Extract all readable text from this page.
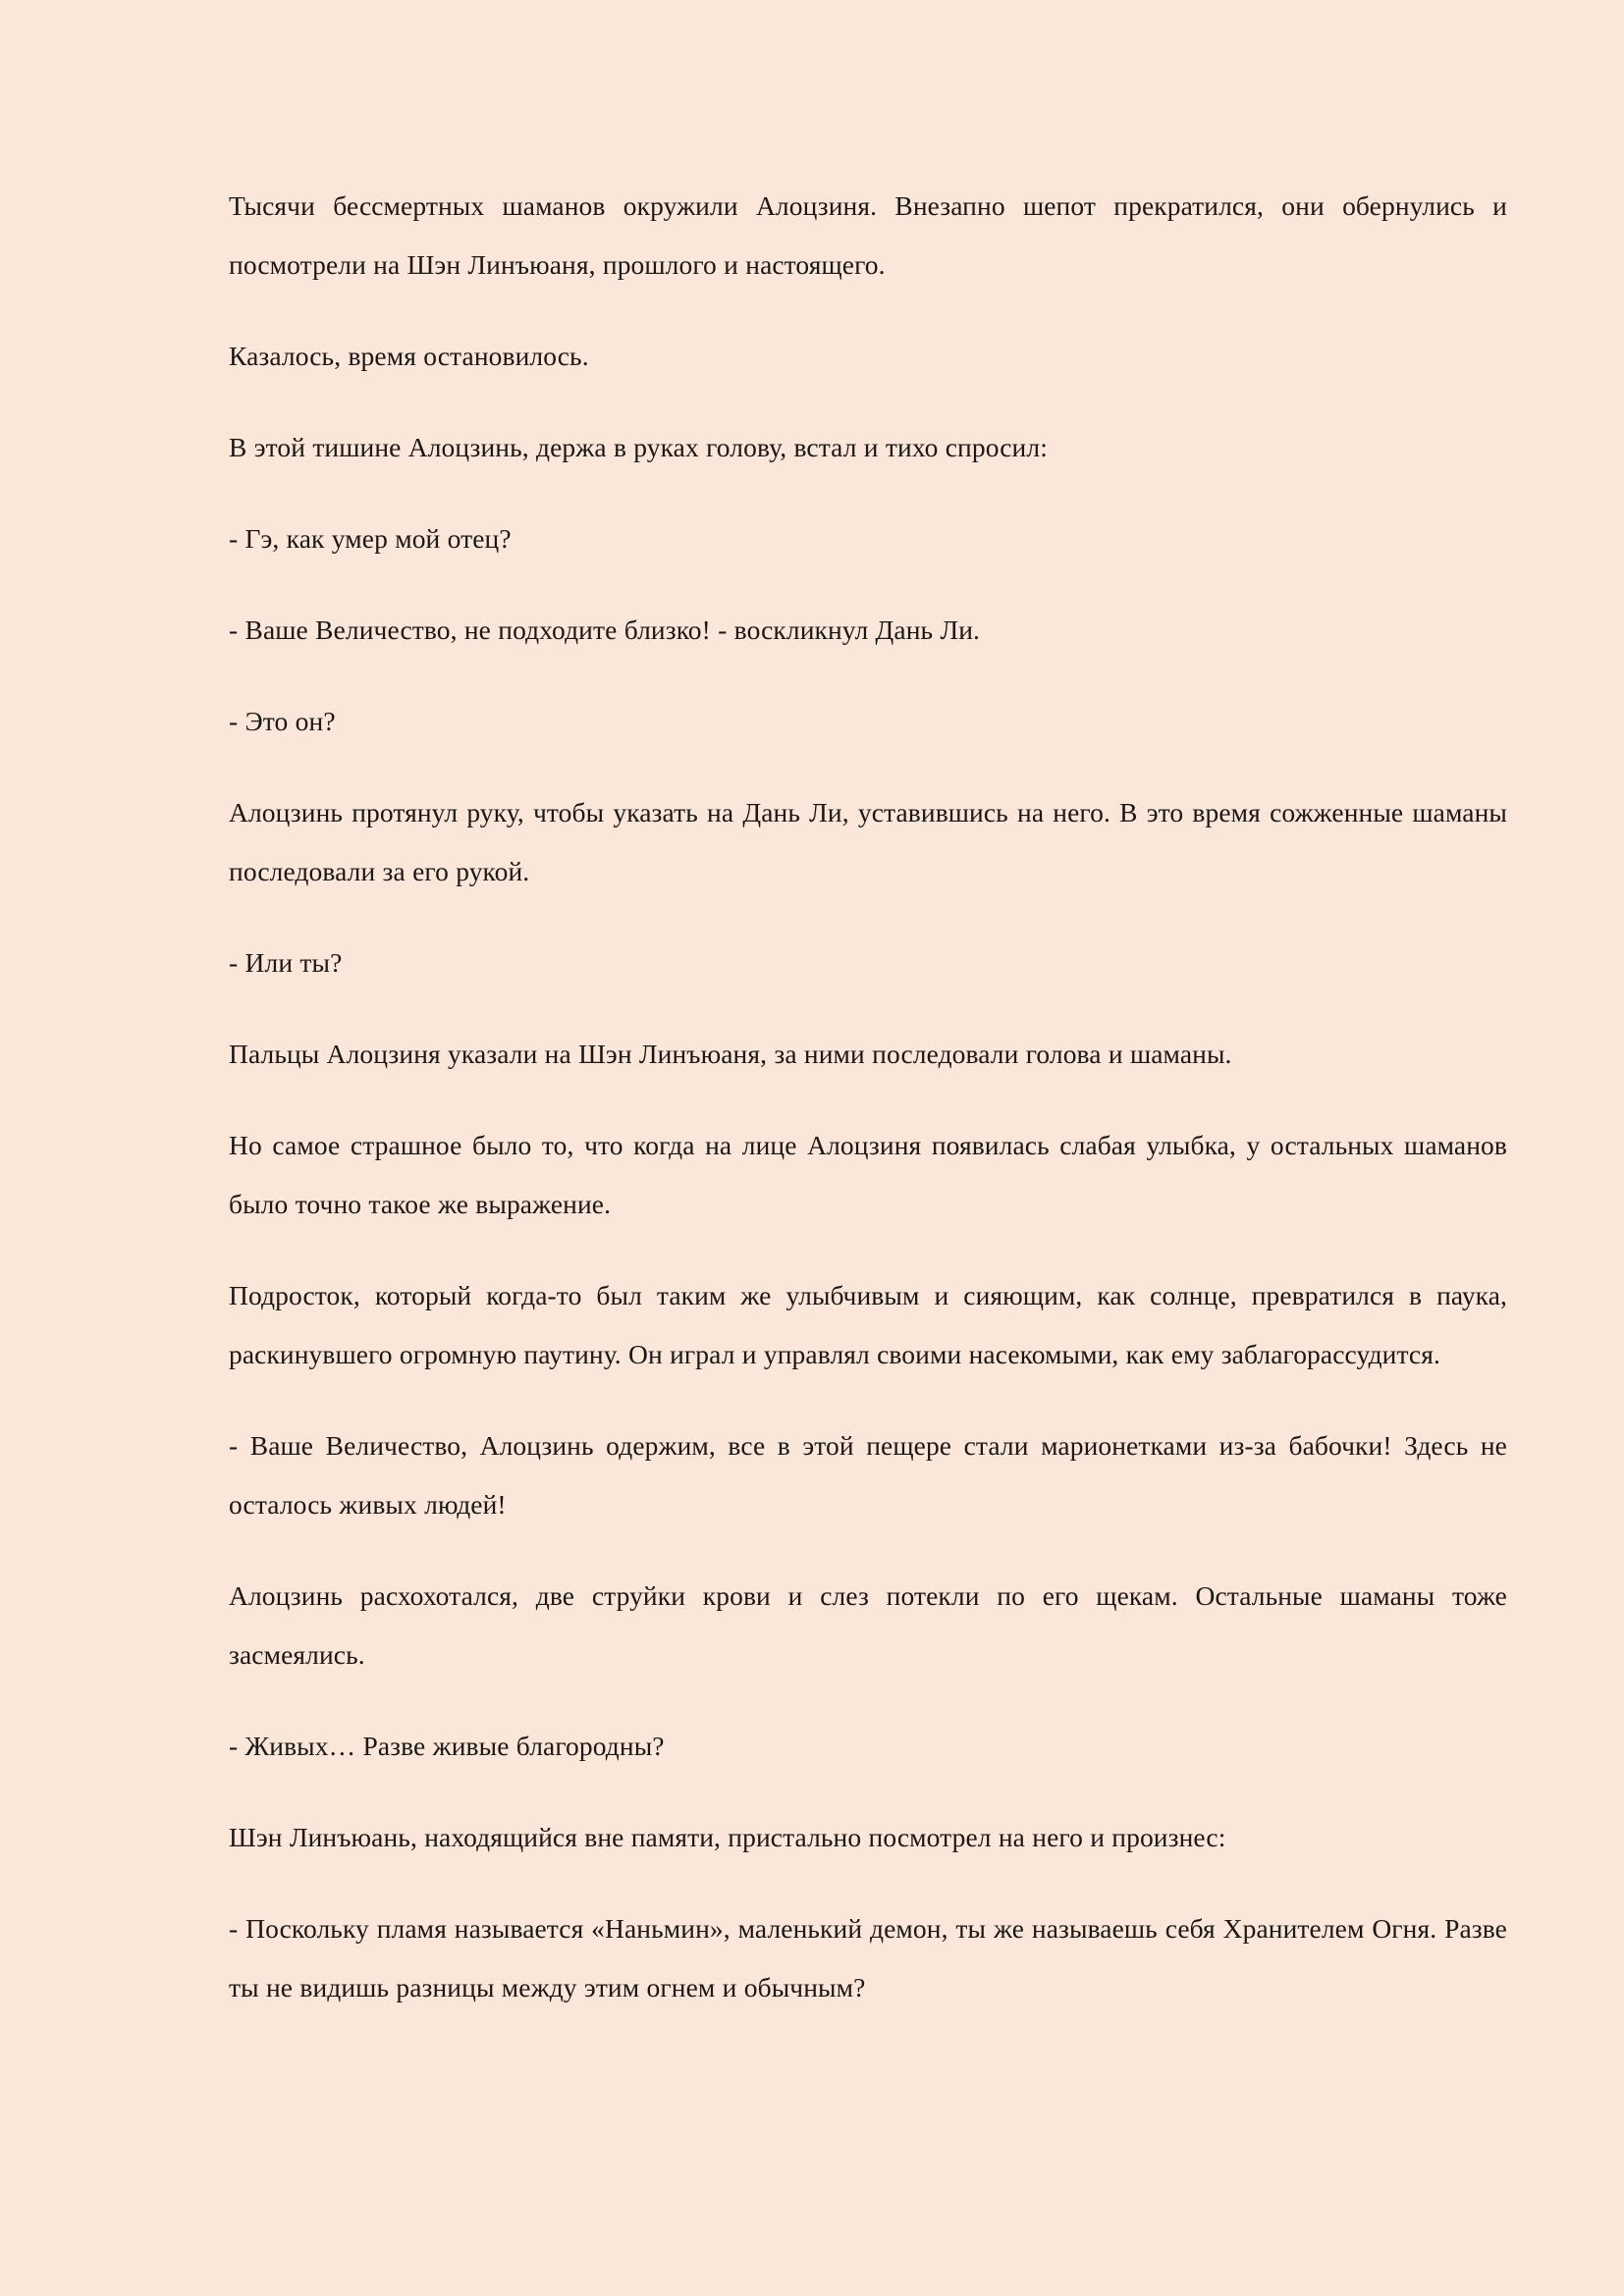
Тысячи бессмертных шаманов окружили Алоцзиня. Внезапно шепот прекратился, они обернулись и посмотрели на Шэн Линъюаня, прошлого и настоящего.

Казалось, время остановилось.

В этой тишине Алоцзинь, держа в руках голову, встал и тихо спросил:

- Гэ, как умер мой отец?

- Ваше Величество, не подходите близко! - воскликнул Дань Ли.

- Это он?

Алоцзинь протянул руку, чтобы указать на Дань Ли, уставившись на него. В это время сожженные шаманы последовали за его рукой.

- Или ты?

Пальцы Алоцзиня указали на Шэн Линъюаня, за ними последовали голова и шаманы.

Но самое страшное было то, что когда на лице Алоцзиня появилась слабая улыбка, у остальных шаманов было точно такое же выражение.

Подросток, который когда-то был таким же улыбчивым и сияющим, как солнце, превратился в паука, раскинувшего огромную паутину. Он играл и управлял своими насекомыми, как ему заблагорассудится.

- Ваше Величество, Алоцзинь одержим, все в этой пещере стали марионетками из-за бабочки! Здесь не осталось живых людей!

Алоцзинь расхохотался, две струйки крови и слез потекли по его щекам. Остальные шаманы тоже засмеялись.

- Живых… Разве живые благородны?

Шэн Линъюань, находящийся вне памяти, пристально посмотрел на него и произнес:

- Поскольку пламя называется «Наньмин», маленький демон, ты же называешь себя Хранителем Огня. Разве ты не видишь разницы между этим огнем и обычным?
